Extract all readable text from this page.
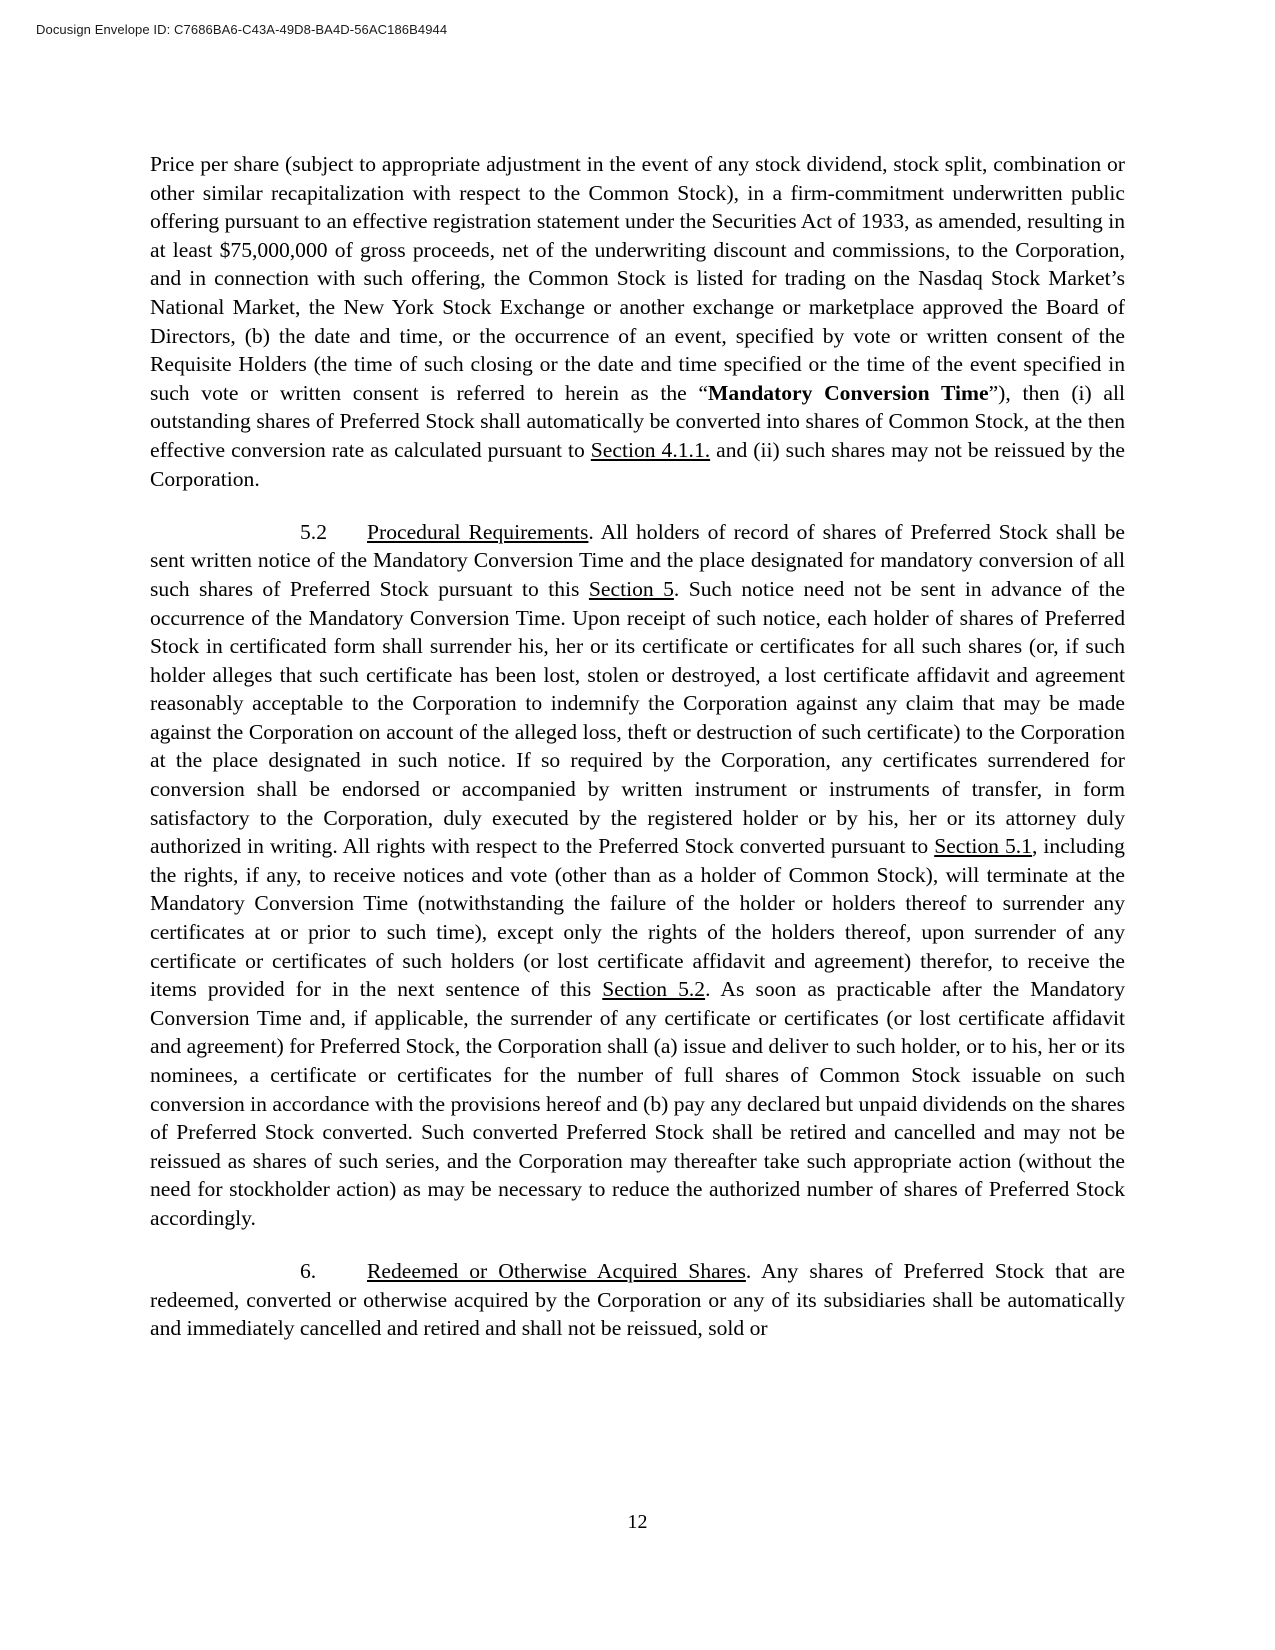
Docusign Envelope ID: C7686BA6-C43A-49D8-BA4D-56AC186B4944

Price per share (subject to appropriate adjustment in the event of any stock dividend, stock split, combination or other similar recapitalization with respect to the Common Stock), in a firm-commitment underwritten public offering pursuant to an effective registration statement under the Securities Act of 1933, as amended, resulting in at least $75,000,000 of gross proceeds, net of the underwriting discount and commissions, to the Corporation, and in connection with such offering, the Common Stock is listed for trading on the Nasdaq Stock Market’s National Market, the New York Stock Exchange or another exchange or marketplace approved the Board of Directors, (b) the date and time, or the occurrence of an event, specified by vote or written consent of the Requisite Holders (the time of such closing or the date and time specified or the time of the event specified in such vote or written consent is referred to herein as the “Mandatory Conversion Time”), then (i) all outstanding shares of Preferred Stock shall automatically be converted into shares of Common Stock, at the then effective conversion rate as calculated pursuant to Section 4.1.1. and (ii) such shares may not be reissued by the Corporation.

5.2 Procedural Requirements. All holders of record of shares of Preferred Stock shall be sent written notice of the Mandatory Conversion Time and the place designated for mandatory conversion of all such shares of Preferred Stock pursuant to this Section 5. Such notice need not be sent in advance of the occurrence of the Mandatory Conversion Time. Upon receipt of such notice, each holder of shares of Preferred Stock in certificated form shall surrender his, her or its certificate or certificates for all such shares (or, if such holder alleges that such certificate has been lost, stolen or destroyed, a lost certificate affidavit and agreement reasonably acceptable to the Corporation to indemnify the Corporation against any claim that may be made against the Corporation on account of the alleged loss, theft or destruction of such certificate) to the Corporation at the place designated in such notice. If so required by the Corporation, any certificates surrendered for conversion shall be endorsed or accompanied by written instrument or instruments of transfer, in form satisfactory to the Corporation, duly executed by the registered holder or by his, her or its attorney duly authorized in writing. All rights with respect to the Preferred Stock converted pursuant to Section 5.1, including the rights, if any, to receive notices and vote (other than as a holder of Common Stock), will terminate at the Mandatory Conversion Time (notwithstanding the failure of the holder or holders thereof to surrender any certificates at or prior to such time), except only the rights of the holders thereof, upon surrender of any certificate or certificates of such holders (or lost certificate affidavit and agreement) therefor, to receive the items provided for in the next sentence of this Section 5.2. As soon as practicable after the Mandatory Conversion Time and, if applicable, the surrender of any certificate or certificates (or lost certificate affidavit and agreement) for Preferred Stock, the Corporation shall (a) issue and deliver to such holder, or to his, her or its nominees, a certificate or certificates for the number of full shares of Common Stock issuable on such conversion in accordance with the provisions hereof and (b) pay any declared but unpaid dividends on the shares of Preferred Stock converted. Such converted Preferred Stock shall be retired and cancelled and may not be reissued as shares of such series, and the Corporation may thereafter take such appropriate action (without the need for stockholder action) as may be necessary to reduce the authorized number of shares of Preferred Stock accordingly.

6. Redeemed or Otherwise Acquired Shares. Any shares of Preferred Stock that are redeemed, converted or otherwise acquired by the Corporation or any of its subsidiaries shall be automatically and immediately cancelled and retired and shall not be reissued, sold or

12
